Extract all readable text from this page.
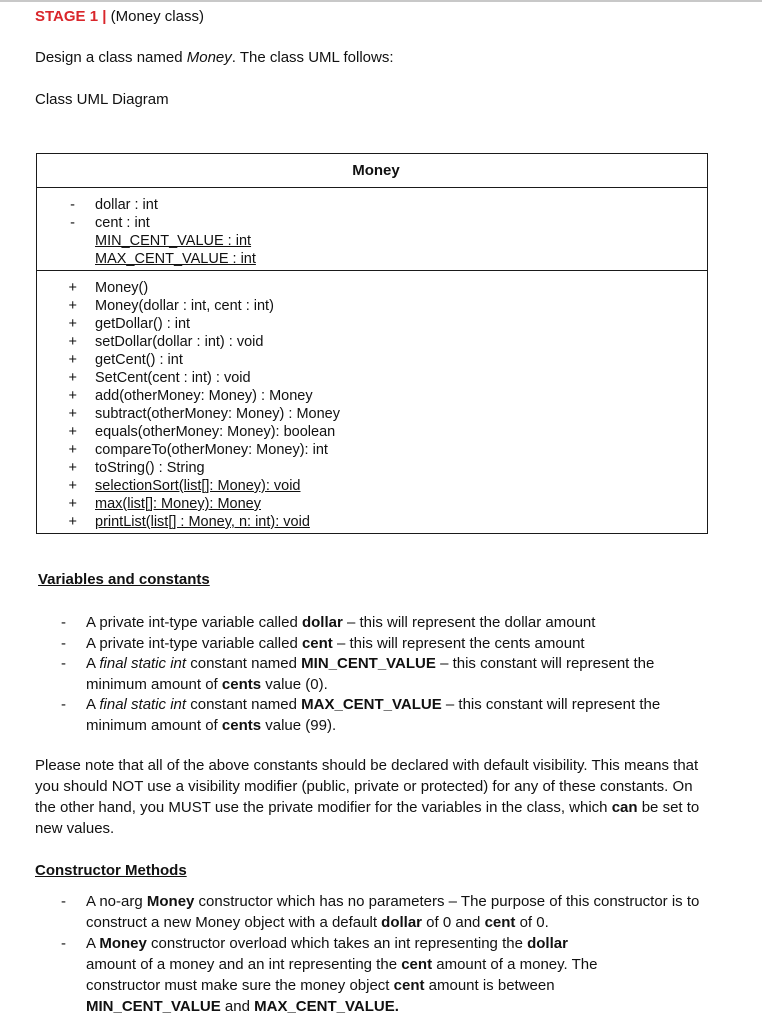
STAGE 1 | (Money class)
Design a class named Money. The class UML follows:
Class UML Diagram
Money
-	dollar : int
-	cent : int
MIN_CENT_VALUE : int
MAX_CENT_VALUE : int
+	Money()
+	Money(dollar : int, cent : int)
+	getDollar() : int
+	setDollar(dollar : int) : void
+	getCent() : int
+	SetCent(cent : int) : void
+	add(otherMoney: Money) : Money
+	subtract(otherMoney: Money) : Money
+	equals(otherMoney: Money): boolean
+	compareTo(otherMoney: Money): int
+	toString() : String
+	selectionSort(list[]: Money): void
+	max(list[]: Money): Money
+	printList(list[] : Money, n: int): void
Variables and constants
- A private int-type variable called dollar – this will represent the dollar amount
- A private int-type variable called cent – this will represent the cents amount
- A final static int constant named MIN_CENT_VALUE – this constant will represent the minimum amount of cents value (0).
- A final static int constant named MAX_CENT_VALUE – this constant will represent the minimum amount of cents value (99).
Please note that all of the above constants should be declared with default visibility. This means that you should NOT use a visibility modifier (public, private or protected) for any of these constants. On the other hand, you MUST use the private modifier for the variables in the class, which can be set to new values.
Constructor Methods
- A no-arg Money constructor which has no parameters – The purpose of this constructor is to construct a new Money object with a default dollar of 0 and cent of 0.
- A Money constructor overload which takes an int representing the dollar amount of a money and an int representing the cent amount of a money. The constructor must make sure the money object cent amount is between MIN_CENT_VALUE and MAX_CENT_VALUE.
